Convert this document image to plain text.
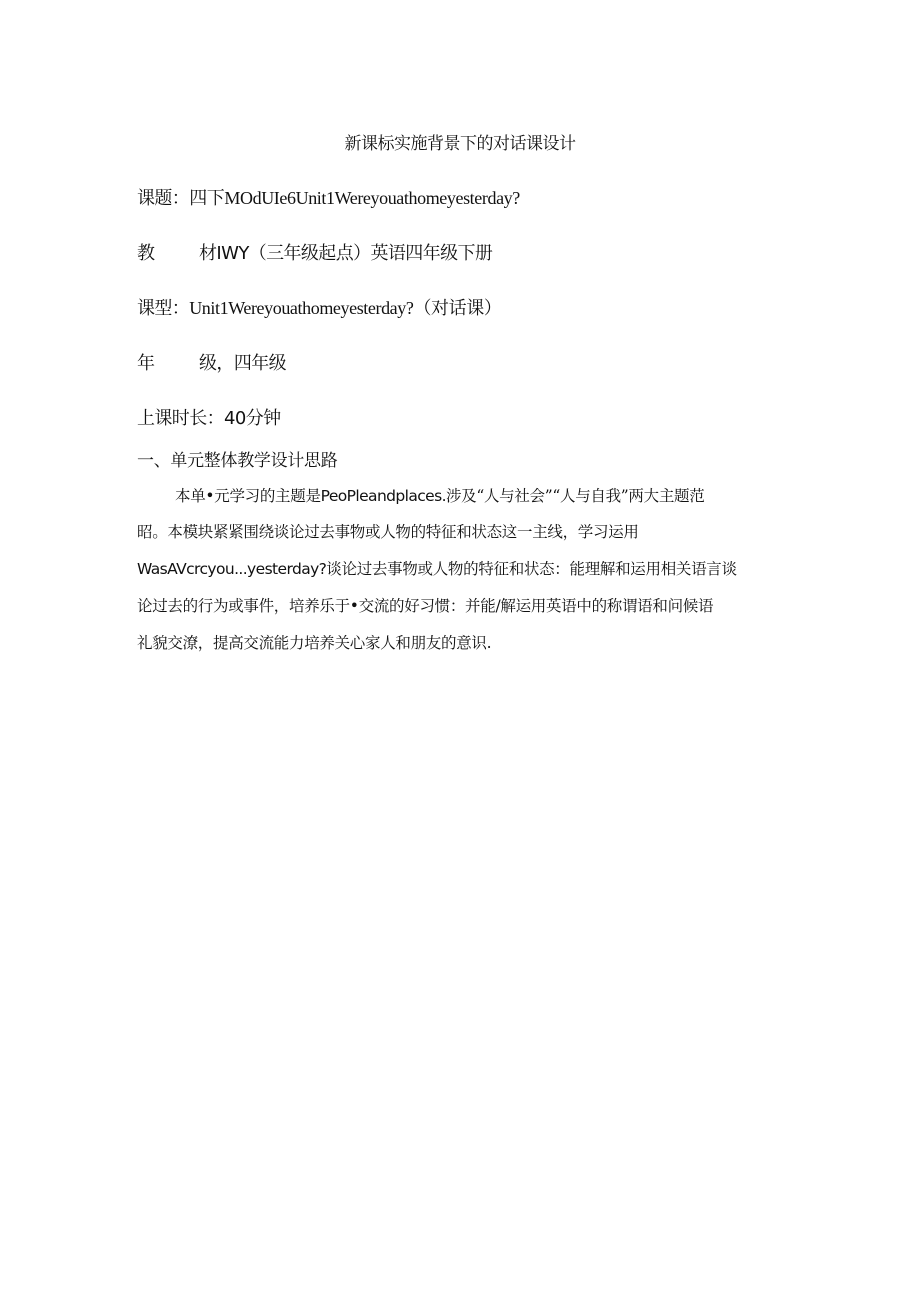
新课标实施背景下的对话课设计
课题：四下MOdUIe6Unit1Wereyouathomeyesterday?
教 材IWY（三年级起点）英语四年级下册
课型：Unit1Wereyouathomeyesterday?（对话课）
年 级，四年级
上课时长：40分钟
一、单元整体教学设计思路
本单•元学习的主题是PeoPleandplaces.涉及“人与社会”“人与自我”两大主题范
昭。本模块紧紧围绕谈论过去事物或人物的特征和状态这一主线，学习运用
WasAVcrcyou...yesterday?谈论过去事物或人物的特征和状态：能理解和运用相关语言谈
论过去的行为或事件，培养乐于•交流的好习惯：并能/解运用英语中的称谓语和问候语
礼貌交潦，提高交流能力培养关心家人和朋友的意识.
